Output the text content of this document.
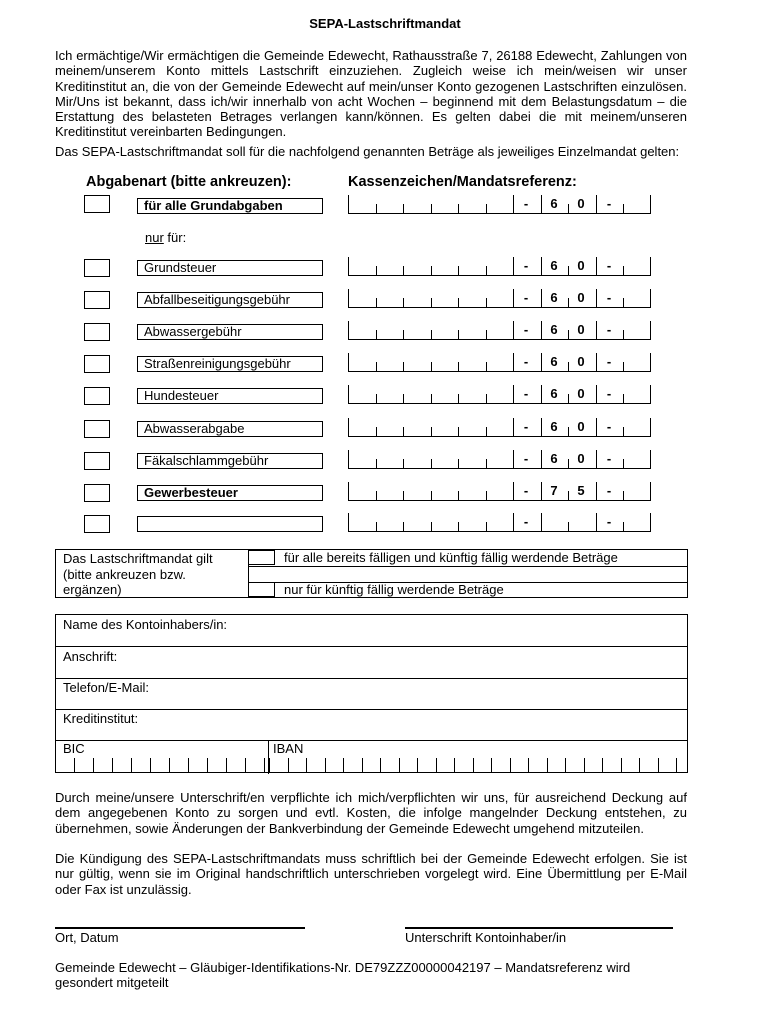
SEPA-Lastschriftmandat
Ich ermächtige/Wir ermächtigen die Gemeinde Edewecht, Rathausstraße 7, 26188 Edewecht, Zahlungen von meinem/unserem Konto mittels Lastschrift einzuziehen. Zugleich weise ich mein/weisen wir unser Kreditinstitut an, die von der Gemeinde Edewecht auf mein/unser Konto gezogenen Lastschriften einzulösen. Mir/Uns ist bekannt, dass ich/wir innerhalb von acht Wochen – beginnend mit dem Belastungsdatum – die Erstattung des belasteten Betrages verlangen kann/können. Es gelten dabei die mit meinem/unseren Kreditinstitut vereinbarten Bedingungen.
Das SEPA-Lastschriftmandat soll für die nachfolgend genannten Beträge als jeweiliges Einzelmandat gelten:
Abgabenart (bitte ankreuzen):	Kassenzeichen/Mandatsreferenz:
nur für:
für alle Grundabgaben	-	6	0	-
Grundsteuer	-	6	0	-
Abfallbeseitigungsgebühr	-	6	0	-
Abwassergebühr	-	6	0	-
Straßenreinigungsgebühr	-	6	0	-
Hundesteuer	-	6	0	-
Abwasserabgabe	-	6	0	-
Fäkalschlammgebühr	-	6	0	-
Gewerbesteuer	-	7	5	-
-	-
Das Lastschriftmandat gilt
(bitte ankreuzen bzw.
ergänzen)
für alle bereits fälligen und künftig fällig werdende Beträge
nur für künftig fällig werdende Beträge
Name des Kontoinhabers/in:
Anschrift:
Telefon/E-Mail:
Kreditinstitut:
BIC	IBAN
Durch meine/unsere Unterschrift/en verpflichte ich mich/verpflichten wir uns, für ausreichend Deckung auf dem angegebenen Konto zu sorgen und evtl. Kosten, die infolge mangelnder Deckung entstehen, zu übernehmen, sowie Änderungen der Bankverbindung der Gemeinde Edewecht umgehend mitzuteilen.
Die Kündigung des SEPA-Lastschriftmandats muss schriftlich bei der Gemeinde Edewecht erfolgen. Sie ist nur gültig, wenn sie im Original handschriftlich unterschrieben vorgelegt wird. Eine Übermittlung per E-Mail oder Fax ist unzulässig.
Ort, Datum	Unterschrift Kontoinhaber/in
Gemeinde Edewecht – Gläubiger-Identifikations-Nr. DE79ZZZ00000042197 – Mandatsreferenz wird gesondert mitgeteilt
